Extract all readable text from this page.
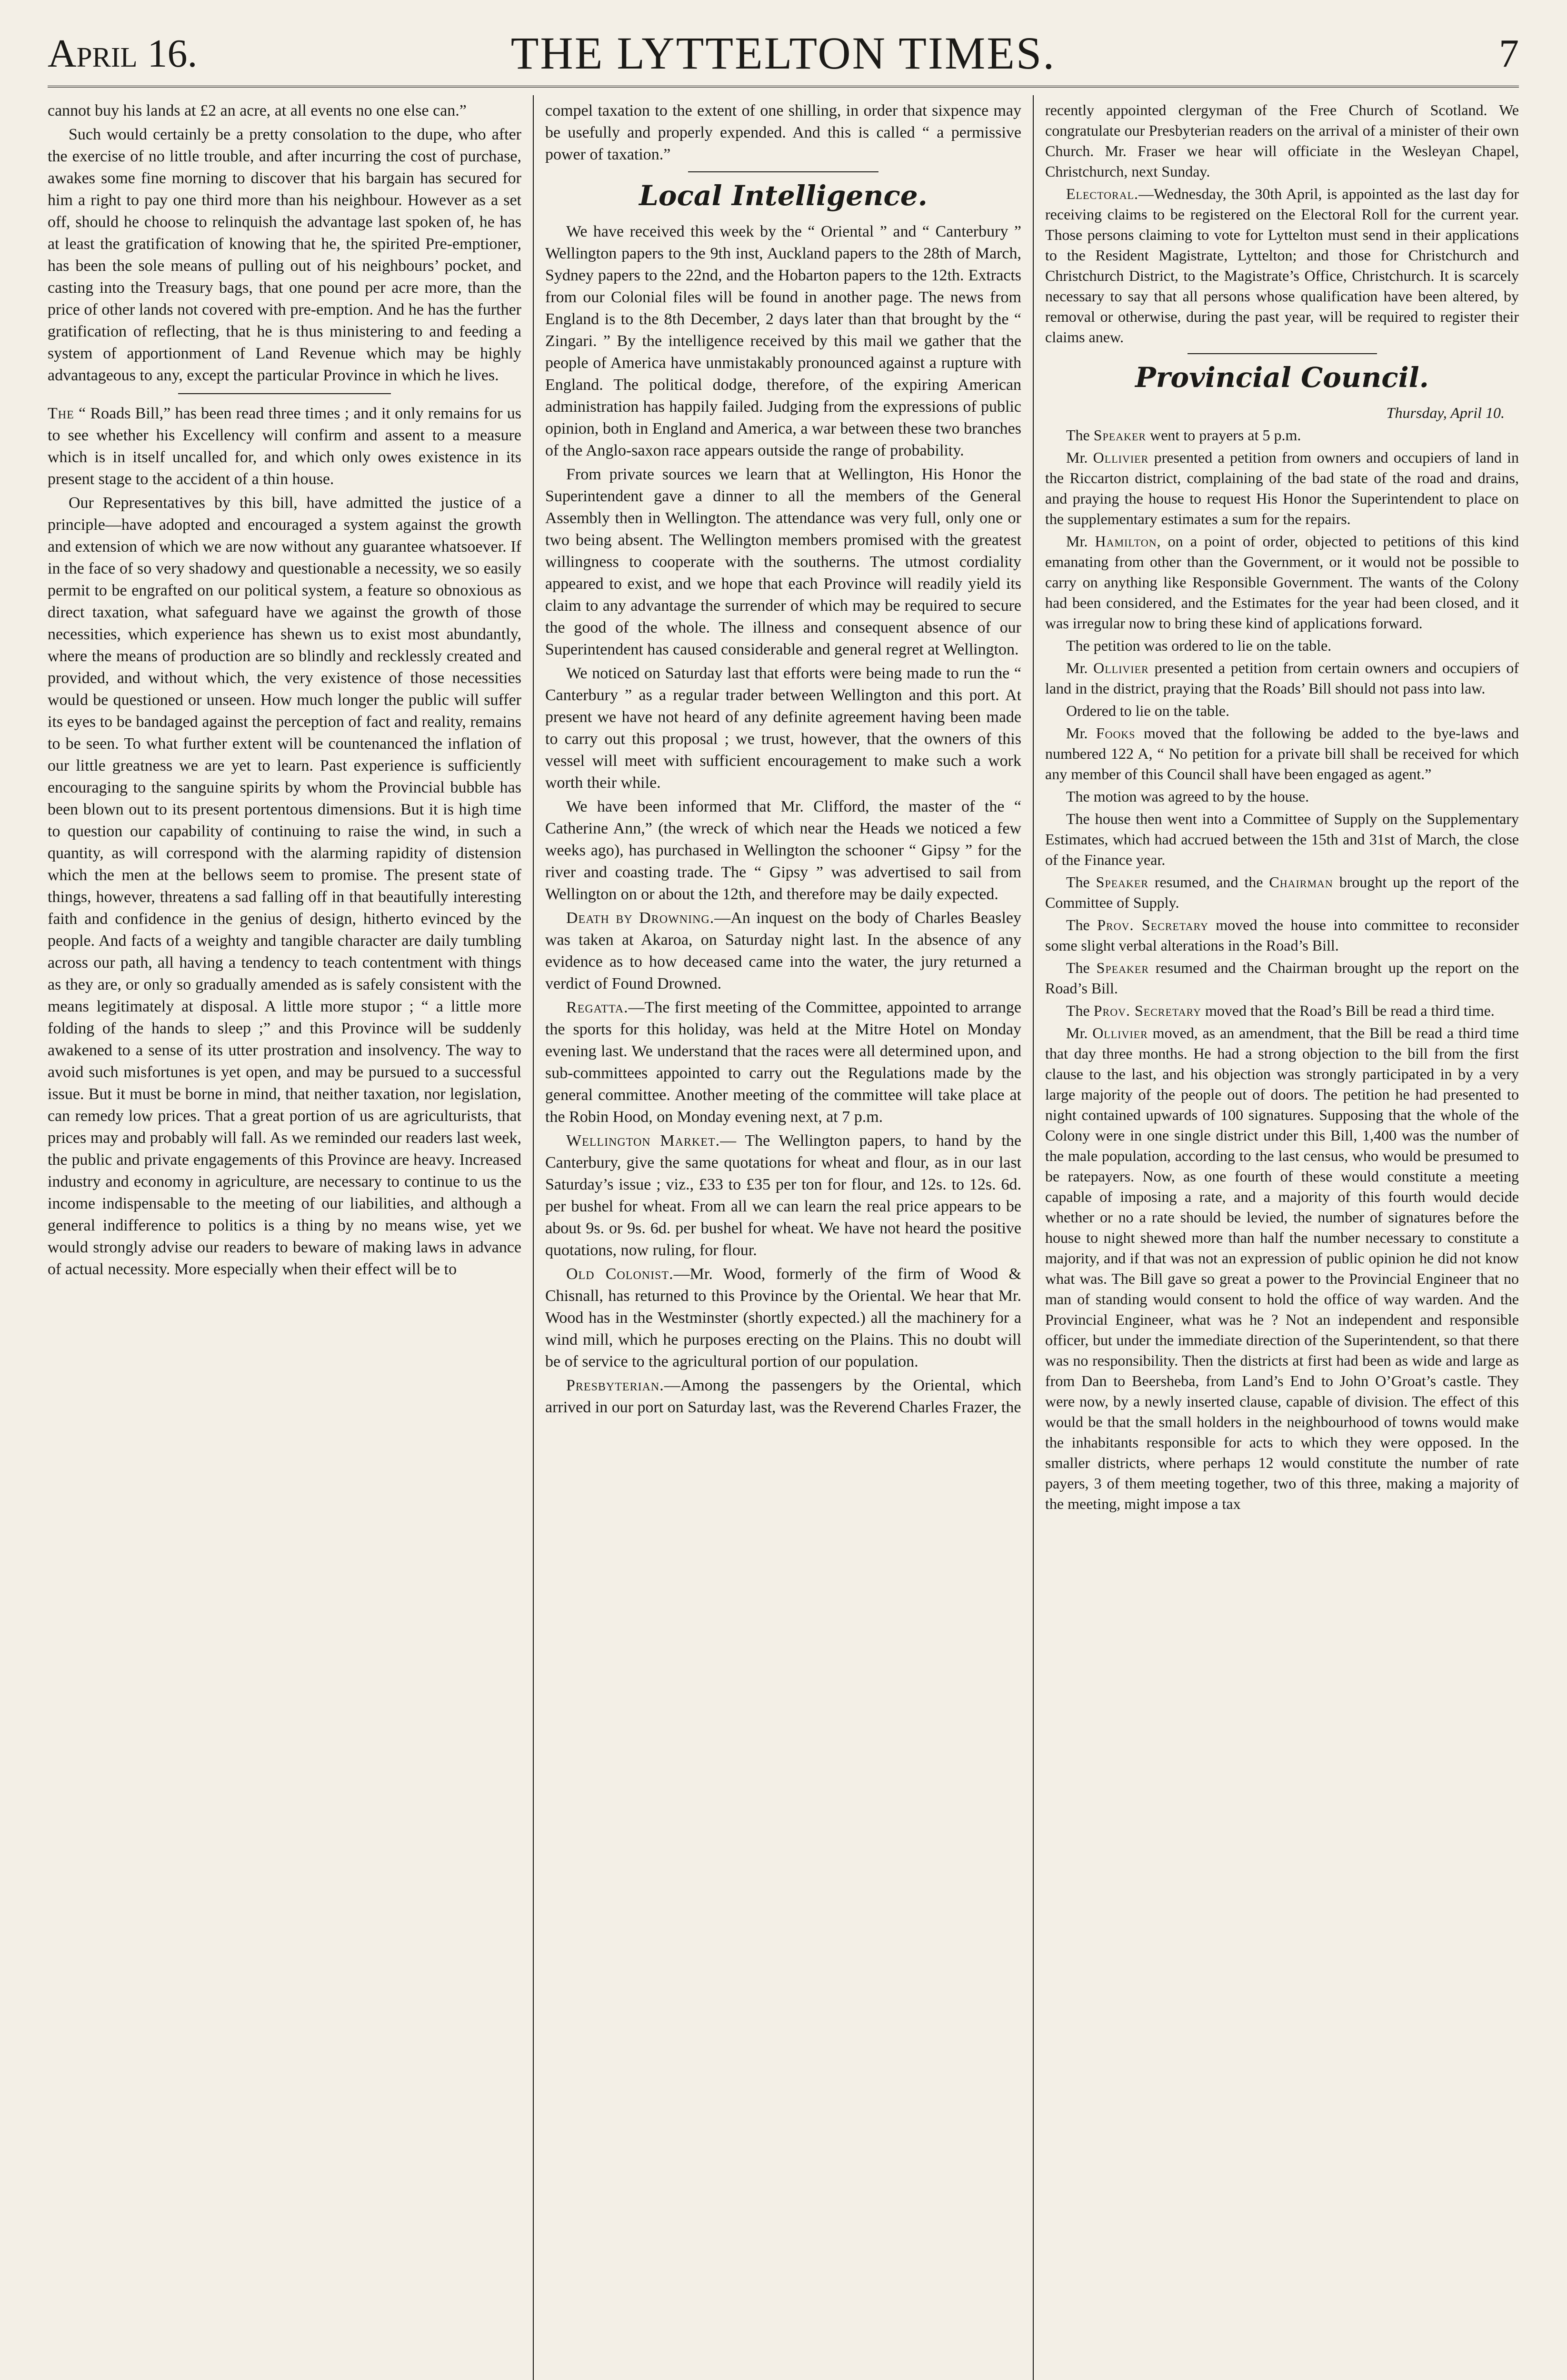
April 16.	THE LYTTELTON TIMES.	7

cannot buy his lands at £2 an acre, at all events no one else can.”

Such would certainly be a pretty consolation to the dupe, who after the exercise of no little trouble, and after incurring the cost of purchase, awakes some fine morning to discover that his bargain has secured for him a right to pay one third more than his neighbour. However as a set off, should he choose to relinquish the advantage last spoken of, he has at least the gratification of knowing that he, the spirited Pre-emptioner, has been the sole means of pulling out of his neighbours’ pocket, and casting into the Treasury bags, that one pound per acre more, than the price of other lands not covered with pre-emption. And he has the further gratification of reflecting, that he is thus ministering to and feeding a system of apportionment of Land Revenue which may be highly advantageous to any, except the particular Province in which he lives.

The “ Roads Bill,” has been read three times ; and it only remains for us to see whether his Excellency will confirm and assent to a measure which is in itself uncalled for, and which only owes existence in its present stage to the accident of a thin house.

Our Representatives by this bill, have admitted the justice of a principle—have adopted and encouraged a system against the growth and extension of which we are now without any guarantee whatsoever. If in the face of so very shadowy and questionable a necessity, we so easily permit to be engrafted on our political system, a feature so obnoxious as direct taxation, what safeguard have we against the growth of those necessities, which experience has shewn us to exist most abundantly, where the means of production are so blindly and recklessly created and provided, and without which, the very existence of those necessities would be questioned or unseen. How much longer the public will suffer its eyes to be bandaged against the perception of fact and reality, remains to be seen. To what further extent will be countenanced the inflation of our little greatness we are yet to learn. Past experience is sufficiently encouraging to the sanguine spirits by whom the Provincial bubble has been blown out to its present portentous dimensions. But it is high time to question our capability of continuing to raise the wind, in such a quantity, as will correspond with the alarming rapidity of distension which the men at the bellows seem to promise. The present state of things, however, threatens a sad falling off in that beautifully interesting faith and confidence in the genius of design, hitherto evinced by the people. And facts of a weighty and tangible character are daily tumbling across our path, all having a tendency to teach contentment with things as they are, or only so gradually amended as is safely consistent with the means legitimately at disposal. A little more stupor ; “ a little more folding of the hands to sleep ;” and this Province will be suddenly awakened to a sense of its utter prostration and insolvency. The way to avoid such misfortunes is yet open, and may be pursued to a successful issue. But it must be borne in mind, that neither taxation, nor legislation, can remedy low prices. That a great portion of us are agriculturists, that prices may and probably will fall. As we reminded our readers last week, the public and private engagements of this Province are heavy. Increased industry and economy in agriculture, are necessary to continue to us the income indispensable to the meeting of our liabilities, and although a general indifference to politics is a thing by no means wise, yet we would strongly advise our readers to beware of making laws in advance of actual necessity. More especially when their effect will be to

compel taxation to the extent of one shilling, in order that sixpence may be usefully and properly expended. And this is called “ a permissive power of taxation.”

Local Intelligence.

We have received this week by the “ Oriental ” and “ Canterbury ” Wellington papers to the 9th inst, Auckland papers to the 28th of March, Sydney papers to the 22nd, and the Hobarton papers to the 12th. Extracts from our Colonial files will be found in another page. The news from England is to the 8th December, 2 days later than that brought by the “ Zingari. ” By the intelligence received by this mail we gather that the people of America have unmistakably pronounced against a rupture with England. The political dodge, therefore, of the expiring American administration has happily failed. Judging from the expressions of public opinion, both in England and America, a war between these two branches of the Anglo-saxon race appears outside the range of probability.

From private sources we learn that at Wellington, His Honor the Superintendent gave a dinner to all the members of the General Assembly then in Wellington. The attendance was very full, only one or two being absent. The Wellington members promised with the greatest willingness to cooperate with the southerns. The utmost cordiality appeared to exist, and we hope that each Province will readily yield its claim to any advantage the surrender of which may be required to secure the good of the whole. The illness and consequent absence of our Superintendent has caused considerable and general regret at Wellington.

We noticed on Saturday last that efforts were being made to run the “ Canterbury ” as a regular trader between Wellington and this port. At present we have not heard of any definite agreement having been made to carry out this proposal ; we trust, however, that the owners of this vessel will meet with sufficient encouragement to make such a work worth their while.

We have been informed that Mr. Clifford, the master of the “ Catherine Ann,” (the wreck of which near the Heads we noticed a few weeks ago), has purchased in Wellington the schooner “ Gipsy ” for the river and coasting trade. The “ Gipsy ” was advertised to sail from Wellington on or about the 12th, and therefore may be daily expected.

Death by Drowning.—An inquest on the body of Charles Beasley was taken at Akaroa, on Saturday night last. In the absence of any evidence as to how deceased came into the water, the jury returned a verdict of Found Drowned.

Regatta.—The first meeting of the Committee, appointed to arrange the sports for this holiday, was held at the Mitre Hotel on Monday evening last. We understand that the races were all determined upon, and sub-committees appointed to carry out the Regulations made by the general committee. Another meeting of the committee will take place at the Robin Hood, on Monday evening next, at 7 p.m.

Wellington Market.— The Wellington papers, to hand by the Canterbury, give the same quotations for wheat and flour, as in our last Saturday’s issue ; viz., £33 to £35 per ton for flour, and 12s. to 12s. 6d. per bushel for wheat. From all we can learn the real price appears to be about 9s. or 9s. 6d. per bushel for wheat. We have not heard the positive quotations, now ruling, for flour.

Old Colonist.—Mr. Wood, formerly of the firm of Wood & Chisnall, has returned to this Province by the Oriental. We hear that Mr. Wood has in the Westminster (shortly expected.) all the machinery for a wind mill, which he purposes erecting on the Plains. This no doubt will be of service to the agricultural portion of our population.

Presbyterian.—Among the passengers by the Oriental, which arrived in our port on Saturday last, was the Reverend Charles Frazer, the

recently appointed clergyman of the Free Church of Scotland. We congratulate our Presbyterian readers on the arrival of a minister of their own Church. Mr. Fraser we hear will officiate in the Wesleyan Chapel, Christchurch, next Sunday.

Electoral.—Wednesday, the 30th April, is appointed as the last day for receiving claims to be registered on the Electoral Roll for the current year. Those persons claiming to vote for Lyttelton must send in their applications to the Resident Magistrate, Lyttelton; and those for Christchurch and Christchurch District, to the Magistrate’s Office, Christchurch. It is scarcely necessary to say that all persons whose qualification have been altered, by removal or otherwise, during the past year, will be required to register their claims anew.

Provincial Council.
Thursday, April 10.

The Speaker went to prayers at 5 p.m.

Mr. Ollivier presented a petition from owners and occupiers of land in the Riccarton district, complaining of the bad state of the road and drains, and praying the house to request His Honor the Superintendent to place on the supplementary estimates a sum for the repairs.

Mr. Hamilton, on a point of order, objected to petitions of this kind emanating from other than the Government, or it would not be possible to carry on anything like Responsible Government. The wants of the Colony had been considered, and the Estimates for the year had been closed, and it was irregular now to bring these kind of applications forward.

The petition was ordered to lie on the table.

Mr. Ollivier presented a petition from certain owners and occupiers of land in the district, praying that the Roads’ Bill should not pass into law.

Ordered to lie on the table.

Mr. Fooks moved that the following be added to the bye-laws and numbered 122 A, “ No petition for a private bill shall be received for which any member of this Council shall have been engaged as agent.”

The motion was agreed to by the house.

The house then went into a Committee of Supply on the Supplementary Estimates, which had accrued between the 15th and 31st of March, the close of the Finance year.

The Speaker resumed, and the Chairman brought up the report of the Committee of Supply.

The Prov. Secretary moved the house into committee to reconsider some slight verbal alterations in the Road’s Bill.

The Speaker resumed and the Chairman brought up the report on the Road’s Bill.

The Prov. Secretary moved that the Road’s Bill be read a third time.

Mr. Ollivier moved, as an amendment, that the Bill be read a third time that day three months. He had a strong objection to the bill from the first clause to the last, and his objection was strongly participated in by a very large majority of the people out of doors. The petition he had presented to night contained upwards of 100 signatures. Supposing that the whole of the Colony were in one single district under this Bill, 1,400 was the number of the male population, according to the last census, who would be presumed to be ratepayers. Now, as one fourth of these would constitute a meeting capable of imposing a rate, and a majority of this fourth would decide whether or no a rate should be levied, the number of signatures before the house to night shewed more than half the number necessary to constitute a majority, and if that was not an expression of public opinion he did not know what was. The Bill gave so great a power to the Provincial Engineer that no man of standing would consent to hold the office of way warden. And the Provincial Engineer, what was he ? Not an independent and responsible officer, but under the immediate direction of the Superintendent, so that there was no responsibility. Then the districts at first had been as wide and large as from Dan to Beersheba, from Land’s End to John O’Groat’s castle. They were now, by a newly inserted clause, capable of division. The effect of this would be that the small holders in the neighbourhood of towns would make the inhabitants responsible for acts to which they were opposed. In the smaller districts, where perhaps 12 would constitute the number of rate payers, 3 of them meeting together, two of this three, making a majority of the meeting, might impose a tax
